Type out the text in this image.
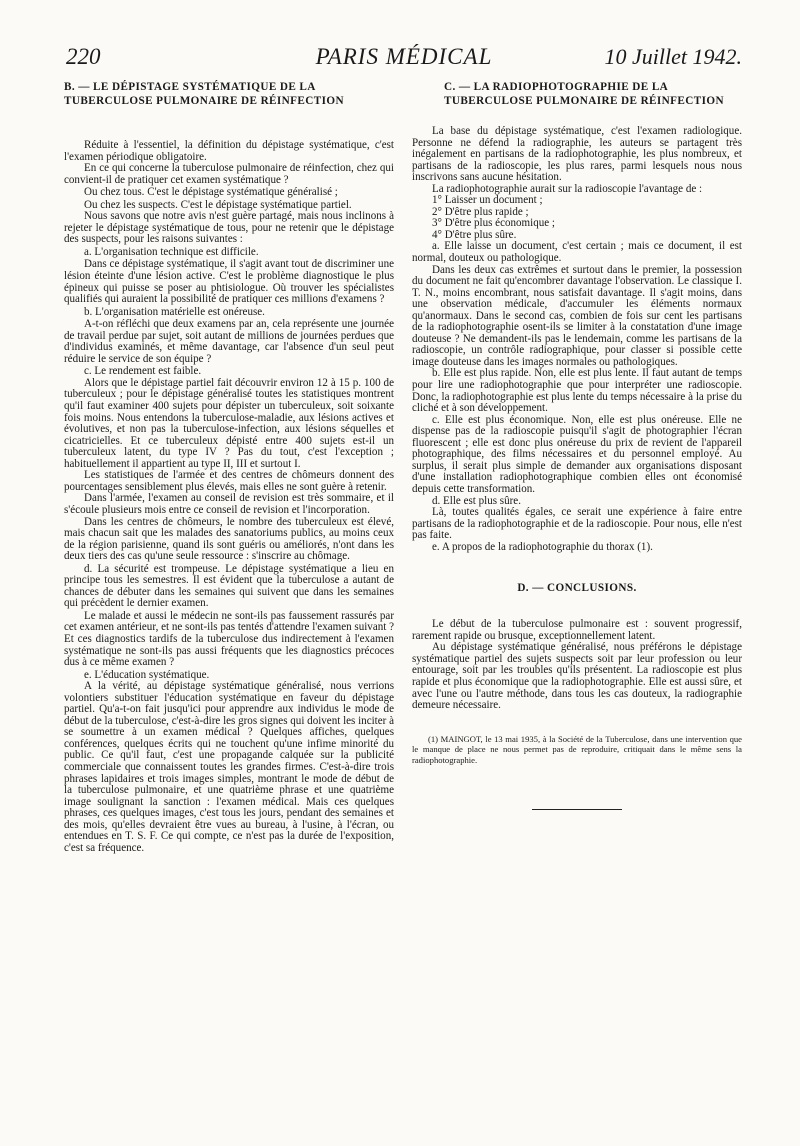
220	PARIS MÉDICAL	10 Juillet 1942.
B. — LE DÉPISTAGE SYSTÉMATIQUE DE LA TUBERCULOSE PULMONAIRE DE RÉINFECTION

Réduite à l'essentiel, la définition du dépistage systématique, c'est l'examen périodique obligatoire.

En ce qui concerne la tuberculose pulmonaire de réinfection, chez qui convient-il de pratiquer cet examen systématique ?

Ou chez tous. C'est le dépistage systématique généralisé ;

Ou chez les suspects. C'est le dépistage systématique partiel.

Nous savons que notre avis n'est guère partagé, mais nous inclinons à rejeter le dépistage systématique de tous, pour ne retenir que le dépistage des suspects, pour les raisons suivantes :

a. L'organisation technique est difficile.

Dans ce dépistage systématique, il s'agit avant tout de discriminer une lésion éteinte d'une lésion active. C'est le problème diagnostique le plus épineux qui puisse se poser au phtisiologue. Où trouver les spécialistes qualifiés qui auraient la possibilité de pratiquer ces millions d'examens ?

b. L'organisation matérielle est onéreuse.

A-t-on réfléchi que deux examens par an, cela représente une journée de travail perdue par sujet, soit autant de millions de journées perdues que d'individus examinés, et même davantage, car l'absence d'un seul peut réduire le service de son équipe ?

c. Le rendement est faible.

Alors que le dépistage partiel fait découvrir environ 12 à 15 p. 100 de tuberculeux ; pour le dépistage généralisé toutes les statistiques montrent qu'il faut examiner 400 sujets pour dépister un tuberculeux, soit soixante fois moins. Nous entendons la tuberculose-maladie, aux lésions actives et évolutives, et non pas la tuberculose-infection, aux lésions séquelles et cicatricielles. Et ce tuberculeux dépisté entre 400 sujets est-il un tuberculeux latent, du type IV ? Pas du tout, c'est l'exception ; habituellement il appartient au type II, III et surtout I.

Les statistiques de l'armée et des centres de chômeurs donnent des pourcentages sensiblement plus élevés, mais elles ne sont guère à retenir.

Dans l'armée, l'examen au conseil de revision est très sommaire, et il s'écoule plusieurs mois entre ce conseil de revision et l'incorporation.

Dans les centres de chômeurs, le nombre des tuberculeux est élevé, mais chacun sait que les malades des sanatoriums publics, au moins ceux de la région parisienne, quand ils sont guéris ou améliorés, n'ont dans les deux tiers des cas qu'une seule ressource : s'inscrire au chômage.

d. La sécurité est trompeuse. Le dépistage systématique a lieu en principe tous les semestres. Il est évident que la tuberculose a autant de chances de débuter dans les semaines qui suivent que dans les semaines qui précèdent le dernier examen.

Le malade et aussi le médecin ne sont-ils pas faussement rassurés par cet examen antérieur, et ne sont-ils pas tentés d'attendre l'examen suivant ? Et ces diagnostics tardifs de la tuberculose dus indirectement à l'examen systématique ne sont-ils pas aussi fréquents que les diagnostics précoces dus à ce même examen ?

e. L'éducation systématique.

A la vérité, au dépistage systématique généralisé, nous verrions volontiers substituer l'éducation systématique en faveur du dépistage partiel. Qu'a-t-on fait jusqu'ici pour apprendre aux individus le mode de début de la tuberculose, c'est-à-dire les gros signes qui doivent les inciter à se soumettre à un examen médical ? Quelques affiches, quelques conférences, quelques écrits qui ne touchent qu'une infime minorité du public. Ce qu'il faut, c'est une propagande calquée sur la publicité commerciale que connaissent toutes les grandes firmes. C'est-à-dire trois phrases lapidaires et trois images simples, montrant le mode de début de la tuberculose pulmonaire, et une quatrième phrase et une quatrième image soulignant la sanction : l'examen médical. Mais ces quelques phrases, ces quelques images, c'est tous les jours, pendant des semaines et des mois, qu'elles devraient être vues au bureau, à l'usine, à l'écran, ou entendues en T. S. F. Ce qui compte, ce n'est pas la durée de l'exposition, c'est sa fréquence.

C. — LA RADIOPHOTOGRAPHIE DE LA TUBERCULOSE PULMONAIRE DE RÉINFECTION

La base du dépistage systématique, c'est l'examen radiologique. Personne ne défend la radiographie, les auteurs se partagent très inégalement en partisans de la radiophotographie, les plus nombreux, et partisans de la radioscopie, les plus rares, parmi lesquels nous nous inscrivons sans aucune hésitation.

La radiophotographie aurait sur la radioscopie l'avantage de :

1° Laisser un document ;

2° D'être plus rapide ;

3° D'être plus économique ;

4° D'être plus sûre.

a. Elle laisse un document, c'est certain ; mais ce document, il est normal, douteux ou pathologique.

Dans les deux cas extrêmes et surtout dans le premier, la possession du document ne fait qu'encombrer davantage l'observation. Le classique I. T. N., moins encombrant, nous satisfait davantage. Il s'agit moins, dans une observation médicale, d'accumuler les éléments normaux qu'anormaux. Dans le second cas, combien de fois sur cent les partisans de la radiophotographie osent-ils se limiter à la constatation d'une image douteuse ? Ne demandent-ils pas le lendemain, comme les partisans de la radioscopie, un contrôle radiographique, pour classer si possible cette image douteuse dans les images normales ou pathologiques.

b. Elle est plus rapide. Non, elle est plus lente. Il faut autant de temps pour lire une radiophotographie que pour interpréter une radioscopie. Donc, la radiophotographie est plus lente du temps nécessaire à la prise du cliché et à son développement.

c. Elle est plus économique. Non, elle est plus onéreuse. Elle ne dispense pas de la radioscopie puisqu'il s'agit de photographier l'écran fluorescent ; elle est donc plus onéreuse du prix de revient de l'appareil photographique, des films nécessaires et du personnel employé. Au surplus, il serait plus simple de demander aux organisations disposant d'une installation radiophotographique combien elles ont économisé depuis cette transformation.

d. Elle est plus sûre.

Là, toutes qualités égales, ce serait une expérience à faire entre partisans de la radiophotographie et de la radioscopie. Pour nous, elle n'est pas faite.

e. A propos de la radiophotographie du thorax (1).

D. — CONCLUSIONS.

Le début de la tuberculose pulmonaire est : souvent progressif, rarement rapide ou brusque, exceptionnellement latent.

Au dépistage systématique généralisé, nous préférons le dépistage systématique partiel des sujets suspects soit par leur profession ou leur entourage, soit par les troubles qu'ils présentent. La radioscopie est plus rapide et plus économique que la radiophotographie. Elle est aussi sûre, et avec l'une ou l'autre méthode, dans tous les cas douteux, la radiographie demeure nécessaire.

(1) MAINGOT, le 13 mai 1935, à la Société de la Tuberculose, dans une intervention que le manque de place ne nous permet pas de reproduire, critiquait dans le même sens la radiophotographie.
